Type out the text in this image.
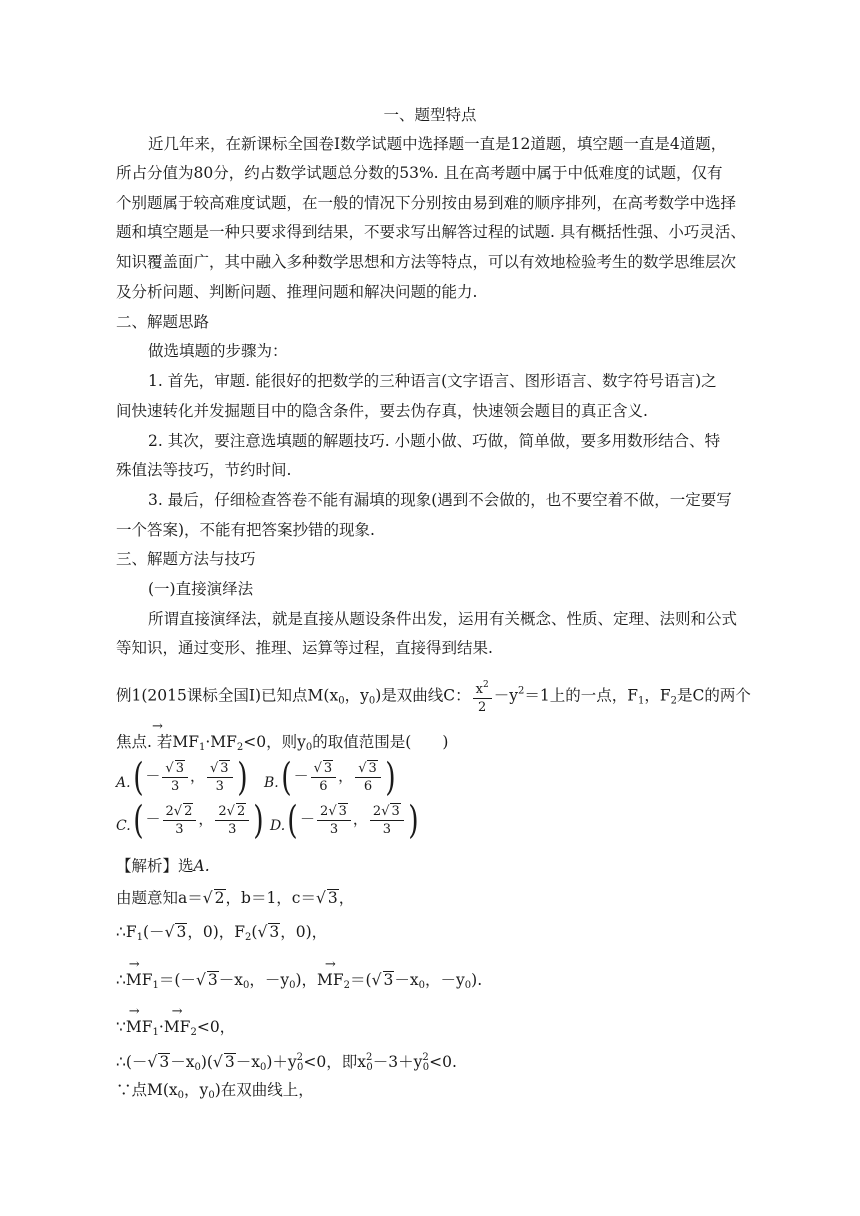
一、题型特点
近几年来，在新课标全国卷Ⅰ数学试题中选择题一直是12道题，填空题一直是4道题，
所占分值为80分，约占数学试题总分数的53%. 且在高考题中属于中低难度的试题，仅有
个别题属于较高难度试题，在一般的情况下分别按由易到难的顺序排列，在高考数学中选择
题和填空题是一种只要求得到结果，不要求写出解答过程的试题. 具有概括性强、小巧灵活、
知识覆盖面广，其中融入多种数学思想和方法等特点，可以有效地检验考生的数学思维层次
及分析问题、判断问题、推理问题和解决问题的能力.
二、解题思路
做选填题的步骤为：
1. 首先，审题. 能很好的把数学的三种语言(文字语言、图形语言、数字符号语言)之
间快速转化并发掘题目中的隐含条件，要去伪存真，快速领会题目的真正含义.
2. 其次，要注意选填题的解题技巧. 小题小做、巧做，简单做，要多用数形结合、特
殊值法等技巧，节约时间.
3. 最后，仔细检查答卷不能有漏填的现象(遇到不会做的，也不要空着不做，一定要写
一个答案)，不能有把答案抄错的现象.
三、解题方法与技巧
(一)直接演绎法
所谓直接演绎法，就是直接从题设条件出发，运用有关概念、性质、定理、法则和公式
等知识，通过变形、推理、运算等过程，直接得到结果.
例1(2015课标全国Ⅰ)已知点$M(x_0$，$y_0$)是双曲线C： $\frac{x^2}{2} -y^2=1$上的一点，$F_1$，$F_2$是C的两个
→ 焦点. 若$MF_1\cdot MF_2<0$，则$y_0$的取值范围是(　　)
A.( －
√ $\frac{3}{3}$ ，
√ $\frac{3}{3}$ ) B.( －
√ $\frac{3}{6}$ ，
√ $\frac{3}{6}$ )
$C.( - \frac{2√ 2}{3}$ ， $\frac{2√ 2}{3}$ ) $D.( - \frac{2√ 3}{3}$ ， $\frac{2√ 3}{3}$ )
【解析】选A.
由题意知a＝√ 2，b＝1，c＝√ 3，
$\therefore F_1(-√$ 3，0)，$F_2(√$ 3，0)，
→ $\therefore MF_1=(-√$ $3-x_0$，$-y_0$)，→ $MF_2=(√$ $3-x_0$，$-y_0$).
→ $\because MF_1\cdot\to MF_2<0$，
∴(－√ $3-x_0)(√$ $3-x_0)+y^2_0<0$，即$x^2_0-3+y^2_0<0$.
∵点$M(x_0$，$y_0$)在双曲线上，
